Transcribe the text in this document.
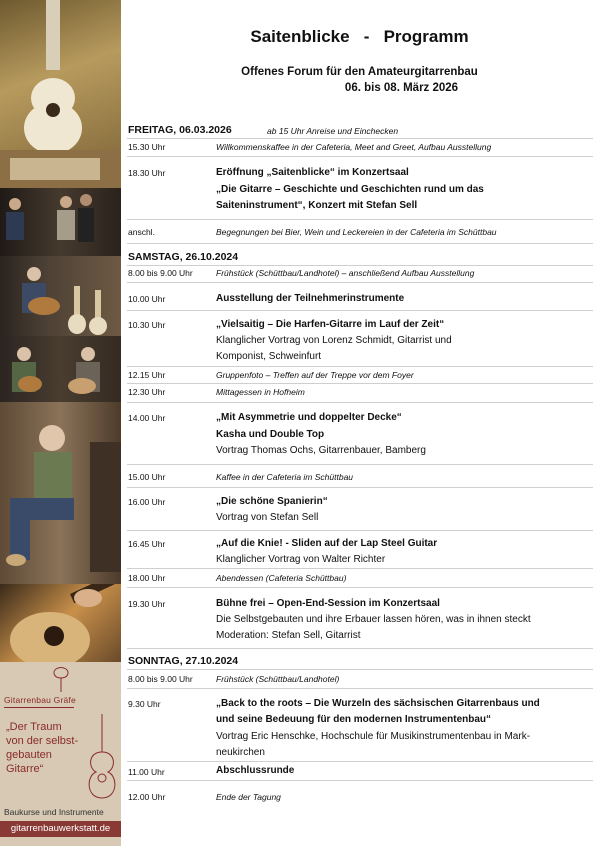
Gitarrenbau Gräfe
„Der Traum
von der selbst-
gebauten
Gitarre“
Baukurse und Instrumente
gitarrenbauwerkstatt.de
Saitenblicke   -   Programm
Offenes Forum für den Amateurgitarrenbau
06. bis 08. März 2026
FREITAG, 06.03.2026	ab 15 Uhr Anreise und Einchecken
15.30 Uhr	Willkommenskaffee in der Cafeteria, Meet and Greet, Aufbau Ausstellung
18.30 Uhr	Eröffnung „Saitenblicke“ im Konzertsaal
„Die Gitarre – Geschichte und Geschichten rund um das
Saiteninstrument“, Konzert mit Stefan Sell
anschl.	Begegnungen bei Bier, Wein und Leckereien in der Cafeteria im Schüttbau
SAMSTAG, 26.10.2024
8.00 bis 9.00 Uhr	Frühstück (Schüttbau/Landhotel) – anschließend Aufbau Ausstellung
10.00 Uhr	Ausstellung der Teilnehmerinstrumente
10.30 Uhr	„Vielsaitig – Die Harfen-Gitarre im Lauf der Zeit“
Klanglicher Vortrag von Lorenz Schmidt, Gitarrist und
Komponist, Schweinfurt
12.15 Uhr	Gruppenfoto – Treffen auf der Treppe vor dem Foyer
12.30 Uhr	Mittagessen in Hofheim
14.00 Uhr	„Mit Asymmetrie und doppelter Decke“
Kasha und Double Top
Vortrag Thomas Ochs, Gitarrenbauer, Bamberg
15.00 Uhr	Kaffee in der Cafeteria im Schüttbau
16.00 Uhr	„Die schöne Spanierin“
Vortrag von Stefan Sell
16.45 Uhr	„Auf die Knie! - Sliden auf der Lap Steel Guitar
Klanglicher Vortrag von Walter Richter
18.00 Uhr	Abendessen (Cafeteria Schüttbau)
19.30 Uhr	Bühne frei – Open-End-Session im Konzertsaal
Die Selbstgebauten und ihre Erbauer lassen hören, was in ihnen steckt
Moderation: Stefan Sell, Gitarrist
SONNTAG, 27.10.2024
8.00 bis 9.00 Uhr	Frühstück (Schüttbau/Landhotel)
9.30 Uhr	„Back to the roots – Die Wurzeln des sächsischen Gitarrenbaus und
und seine Bedeuung für den modernen Instrumentenbau“
Vortrag Eric Henschke, Hochschule für Musikinstrumentenbau in Mark-
neukirchen
11.00 Uhr	Abschlussrunde
12.00 Uhr	Ende der Tagung
